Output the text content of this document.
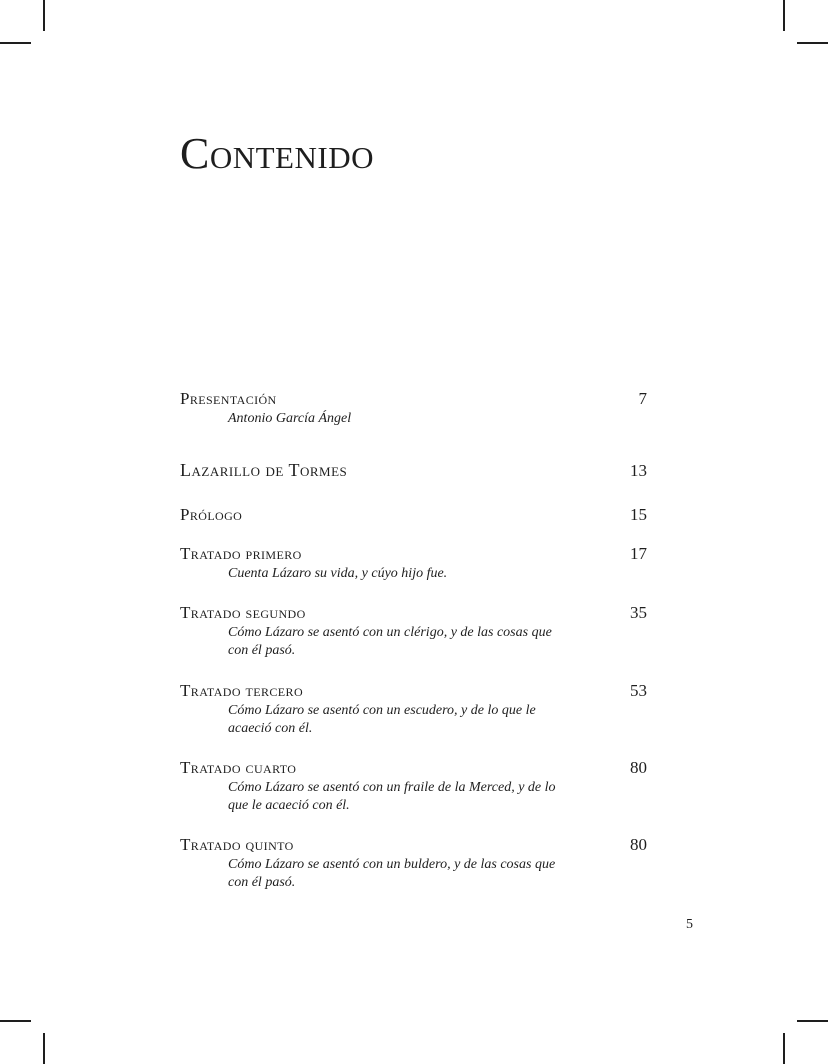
Contenido
Presentación	7
Antonio García Ángel
Lazarillo de Tormes	13
Prólogo	15
Tratado primero	17
Cuenta Lázaro su vida, y cúyo hijo fue.
Tratado segundo	35
Cómo Lázaro se asentó con un clérigo, y de las cosas que con él pasó.
Tratado tercero	53
Cómo Lázaro se asentó con un escudero, y de lo que le acaeció con él.
Tratado cuarto	80
Cómo Lázaro se asentó con un fraile de la Merced, y de lo que le acaeció con él.
Tratado quinto	80
Cómo Lázaro se asentó con un buldero, y de las cosas que con él pasó.
5
